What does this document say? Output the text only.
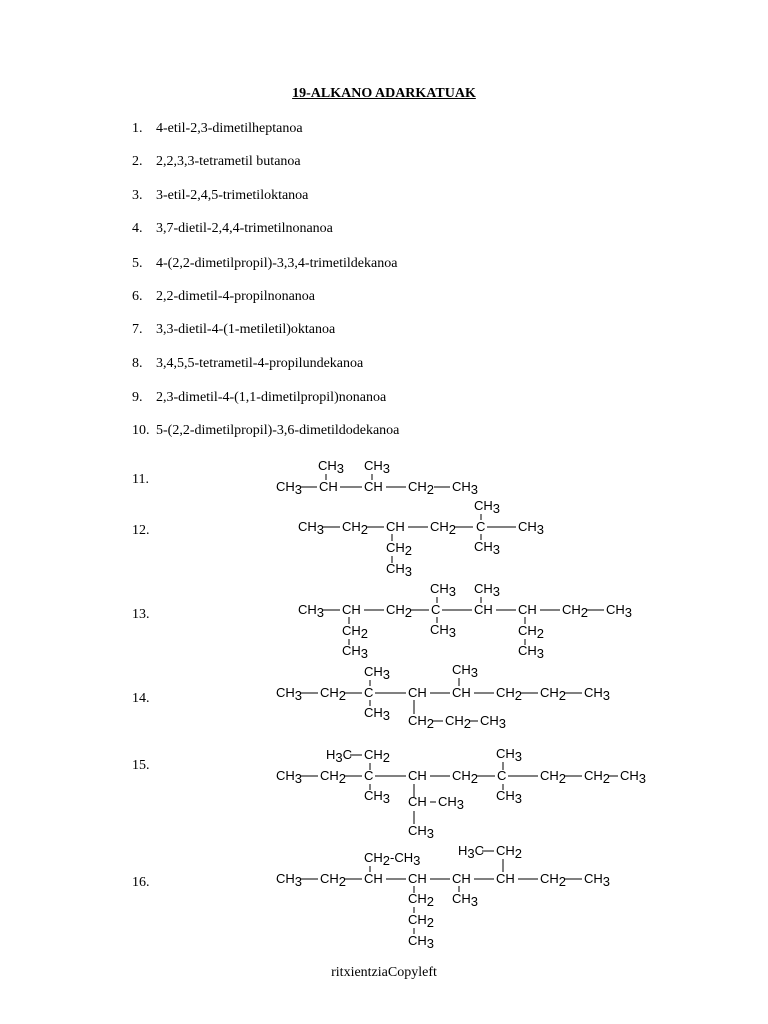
19-ALKANO ADARKATUAK
1. 4-etil-2,3-dimetilheptanoa
2. 2,2,3,3-tetrametil butanoa
3. 3-etil-2,4,5-trimetiloktanoa
4. 3,7-dietil-2,4,4-trimetilnonanoa
5. 4-(2,2-dimetilpropil)-3,3,4-trimetildekanoa
6. 2,2-dimetil-4-propilnonanoa
7. 3,3-dietil-4-(1-metiletil)oktanoa
8. 3,4,5,5-tetrametil-4-propilundekanoa
9. 2,3-dimetil-4-(1,1-dimetilpropil)nonanoa
10. 5-(2,2-dimetilpropil)-3,6-dimetildodekanoa
11.
12.
13.
14.
15.
16.
CH3 CH3
CH3 CH CH CH2 CH3
CH3
CH3 CH2 CH CH2 C	CH3
CH3
CH2
CH3
CH3 CH3
CH3 CH CH2 C	CH CH CH2 CH3
CH2
CH3
CH3	CH2
CH3
CH3	CH3
CH3 CH2 C	CH CH CH2 CH2 CH3
CH3 CH2 CH2 CH3
H3C CH2	CH3
CH3 CH2 C	CH CH2 C	CH2 CH2 CH3
CH3	CH3
CH CH3
CH3
H3C CH2
CH2-CH3
CH3 CH2 CH CH CH CH CH2 CH3
CH3
CH2
CH2
CH3
ritxientziaCopyleft
